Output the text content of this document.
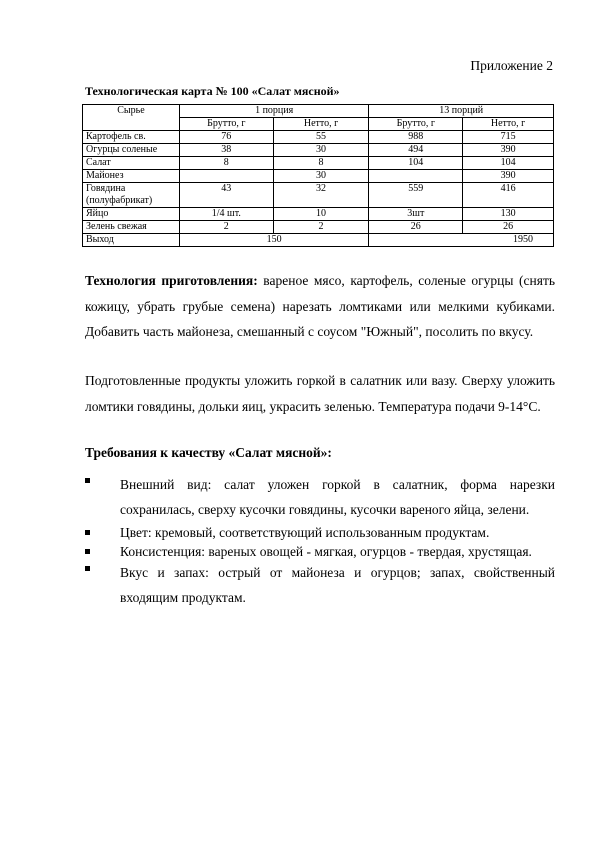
Приложение 2
Технологическая карта № 100 «Салат мясной»
Сырье	1 порция		13 порций	
	Брутто, г	Нетто, г	Брутто, г	Нетто, г
Картофель св.	76	55	988	715
Огурцы соленые	38	30	494	390
Салат	8	8	104	104
Майонез		30		390
Говядина (полуфабрикат)	43	32	559	416
Яйцо	1/4 шт.	10	3шт	130
Зелень свежая	2	2	26	26
Выход	150		1950	
Технология приготовления: вареное мясо, картофель, соленые огурцы (снять кожицу, убрать грубые семена) нарезать ломтиками или мелкими кубиками. Добавить часть майонеза, смешанный с соусом "Южный", посолить по вкусу.
Подготовленные продукты уложить горкой в салатник или вазу. Сверху уложить ломтики говядины, дольки яиц, украсить зеленью. Температура подачи 9-14°С.
Требования к качеству «Салат мясной»:
Внешний вид: салат уложен горкой в салатник, форма нарезки сохранилась, сверху кусочки говядины, кусочки вареного яйца, зелени.
Цвет: кремовый, соответствующий использованным продуктам.
Консистенция: вареных овощей - мягкая, огурцов - твердая, хрустящая.
Вкус и запах: острый от майонеза и огурцов; запах, свойственный входящим продуктам.
